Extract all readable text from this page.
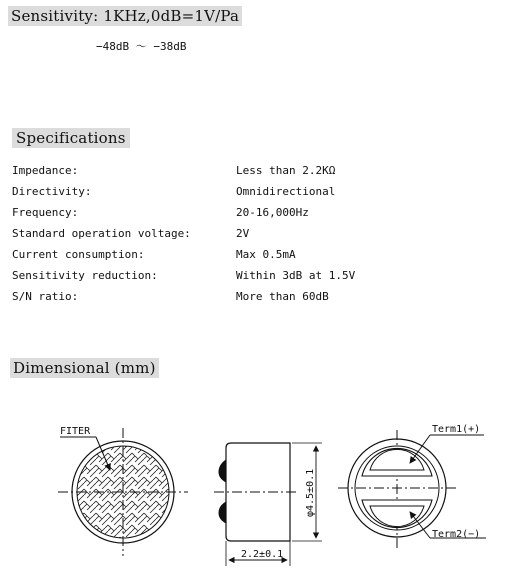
Sensitivity: 1KHz,0dB=1V/Pa
−48dB 〜 −38dB
Specifications
Impedance:	Less than 2.2KΩ
Directivity:	Omnidirectional
Frequency:	20-16,000Hz
Standard operation voltage:	2V
Current consumption:	Max 0.5mA
Sensitivity reduction:	Within 3dB at 1.5V
S/N ratio:	More than 60dB
Dimensional (mm)
FITER
φ4.5±0.1
2.2±0.1
Term1(+)
Term2(−)
